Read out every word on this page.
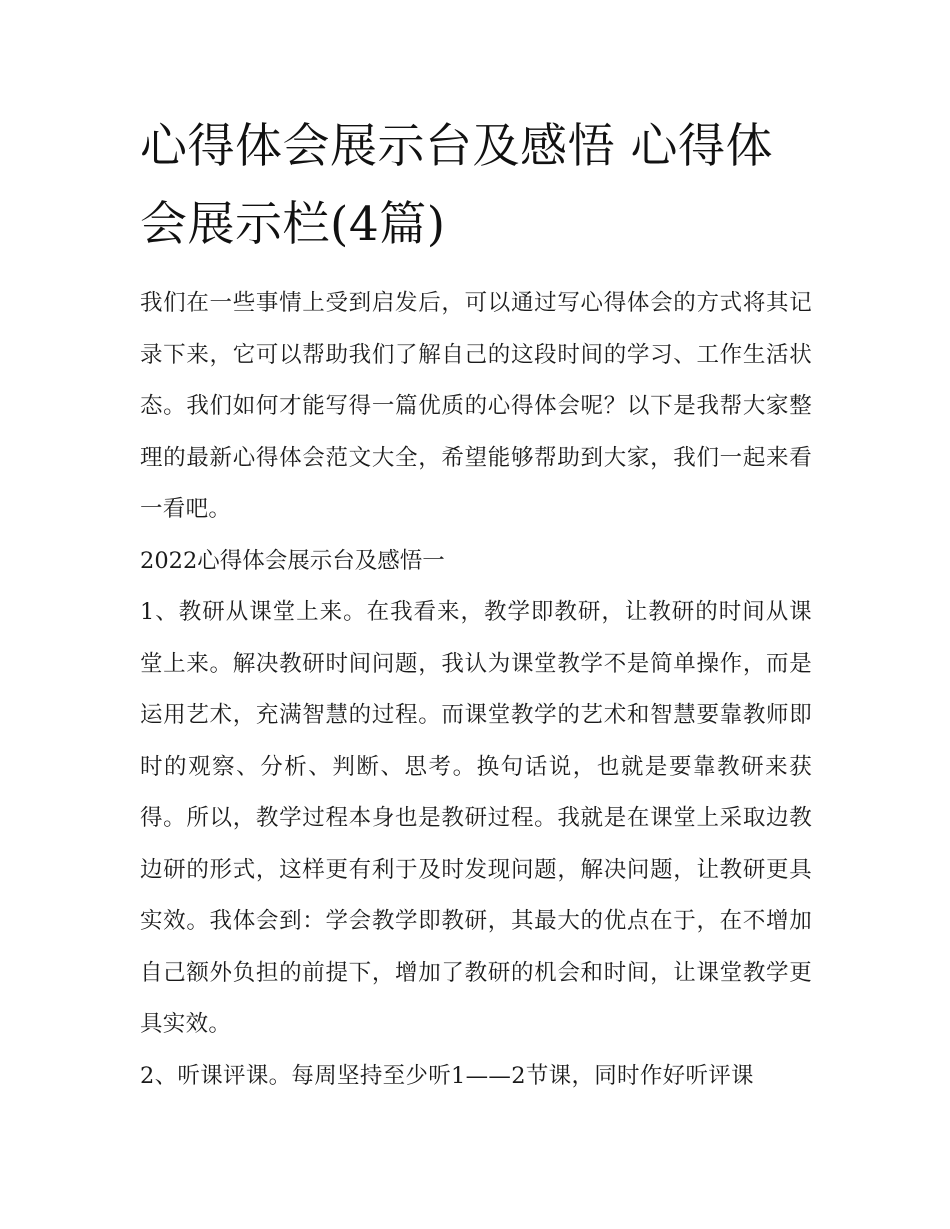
心得体会展示台及感悟 心得体会展示栏(4篇)

我们在一些事情上受到启发后，可以通过写心得体会的方式将其记录下来，它可以帮助我们了解自己的这段时间的学习、工作生活状态。我们如何才能写得一篇优质的心得体会呢？以下是我帮大家整理的最新心得体会范文大全，希望能够帮助到大家，我们一起来看一看吧。

2022心得体会展示台及感悟一

1、教研从课堂上来。在我看来，教学即教研，让教研的时间从课堂上来。解决教研时间问题，我认为课堂教学不是简单操作，而是运用艺术，充满智慧的过程。而课堂教学的艺术和智慧要靠教师即时的观察、分析、判断、思考。换句话说，也就是要靠教研来获得。所以，教学过程本身也是教研过程。我就是在课堂上采取边教边研的形式，这样更有利于及时发现问题，解决问题，让教研更具实效。我体会到：学会教学即教研，其最大的优点在于，在不增加自己额外负担的前提下，增加了教研的机会和时间，让课堂教学更具实效。

2、听课评课。每周坚持至少听1——2节课，同时作好听评课
